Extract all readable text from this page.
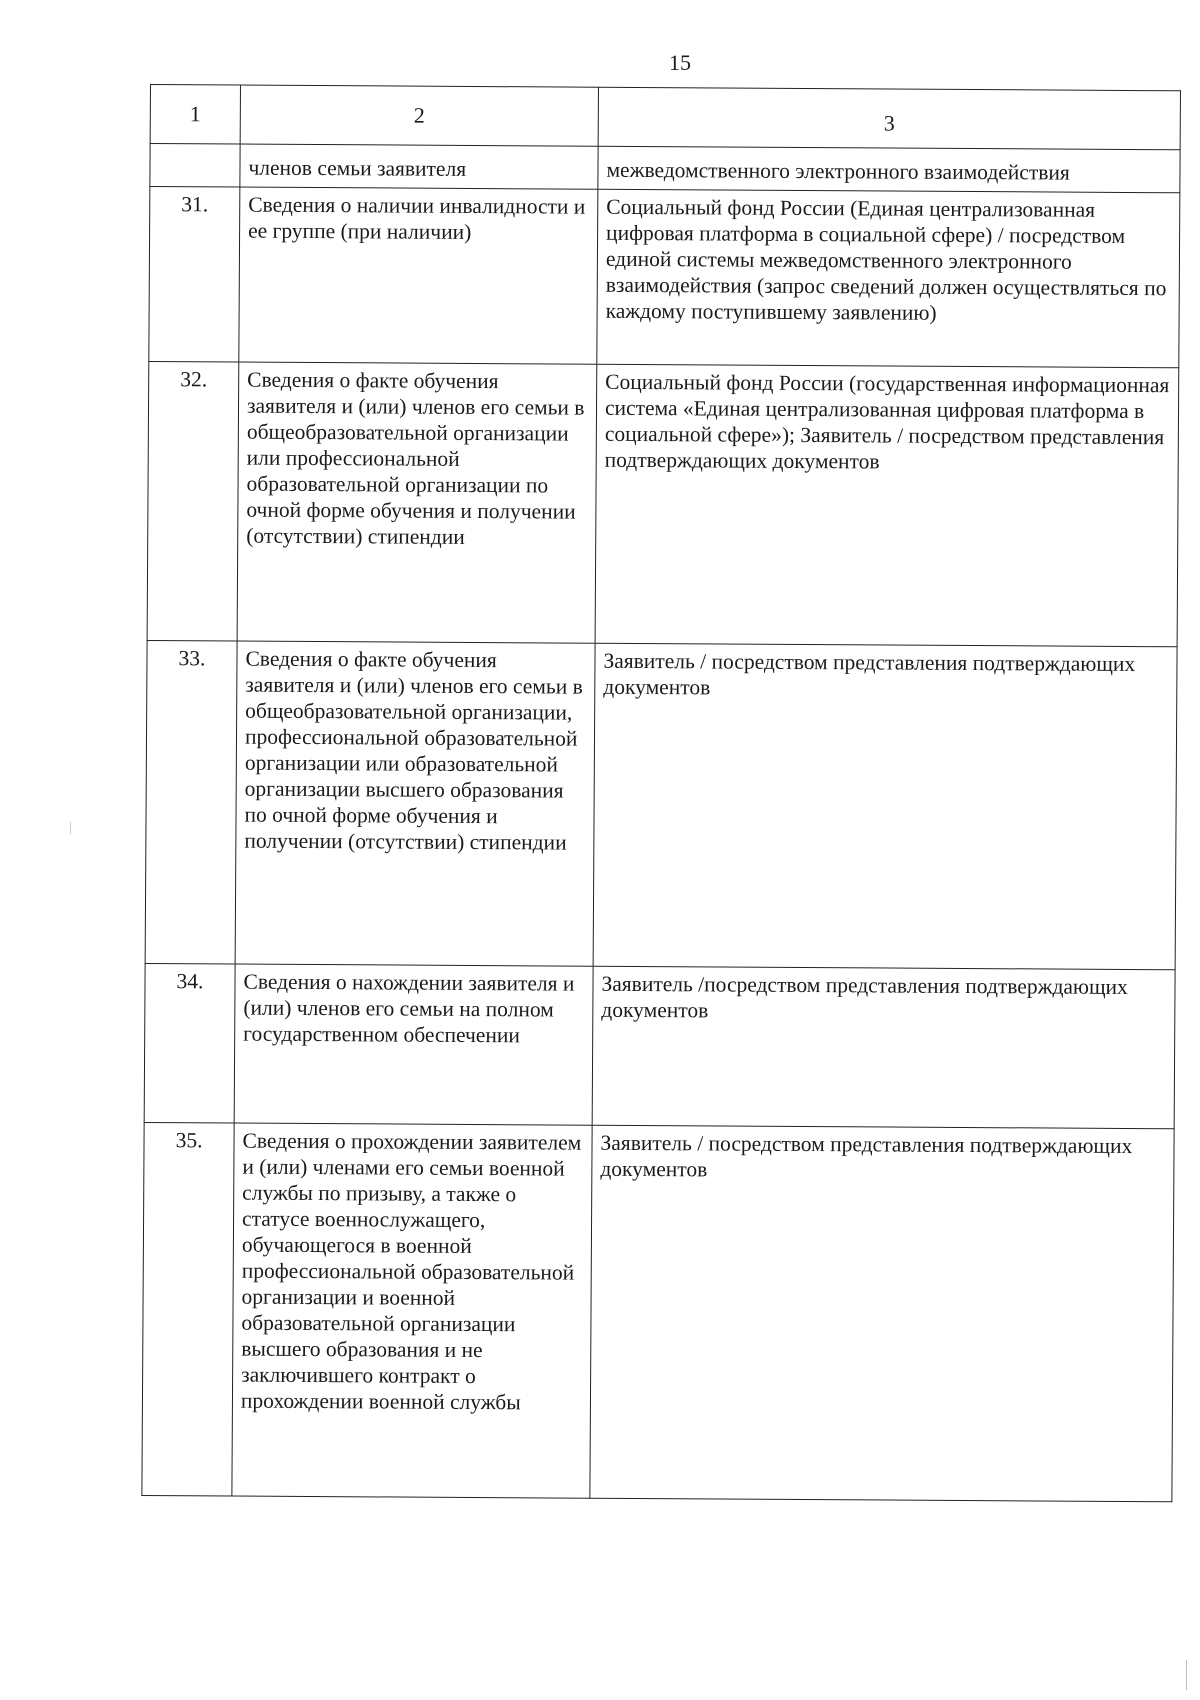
15
1	2	3
	членов семьи заявителя	межведомственного электронного взаимодействия
31.	Сведения о наличии инвалидности и ее группе (при наличии)	Социальный фонд России (Единая централизованная цифровая платформа в социальной сфере) / посредством единой системы межведомственного электронного взаимодействия (запрос сведений должен осуществляться по каждому поступившему заявлению)
32.	Сведения о факте обучения заявителя и (или) членов его семьи в общеобразовательной организации или профессиональной образовательной организации по очной форме обучения и получении (отсутствии) стипендии	Социальный фонд России (государственная информационная система «Единая централизованная цифровая платформа в социальной сфере»); Заявитель / посредством представления подтверждающих документов
33.	Сведения о факте обучения заявителя и (или) членов его семьи в общеобразовательной организации, профессиональной образовательной организации или образовательной организации высшего образования по очной форме обучения и получении (отсутствии) стипендии	Заявитель / посредством представления подтверждающих документов
34.	Сведения о нахождении заявителя и (или) членов его семьи на полном государственном обеспечении	Заявитель /посредством представления подтверждающих документов
35.	Сведения о прохождении заявителем и (или) членами его семьи военной службы по призыву, а также о статусе военнослужащего, обучающегося в военной профессиональной образовательной организации и военной образовательной организации высшего образования и не заключившего контракт о прохождении военной службы	Заявитель / посредством представления подтверждающих документов
